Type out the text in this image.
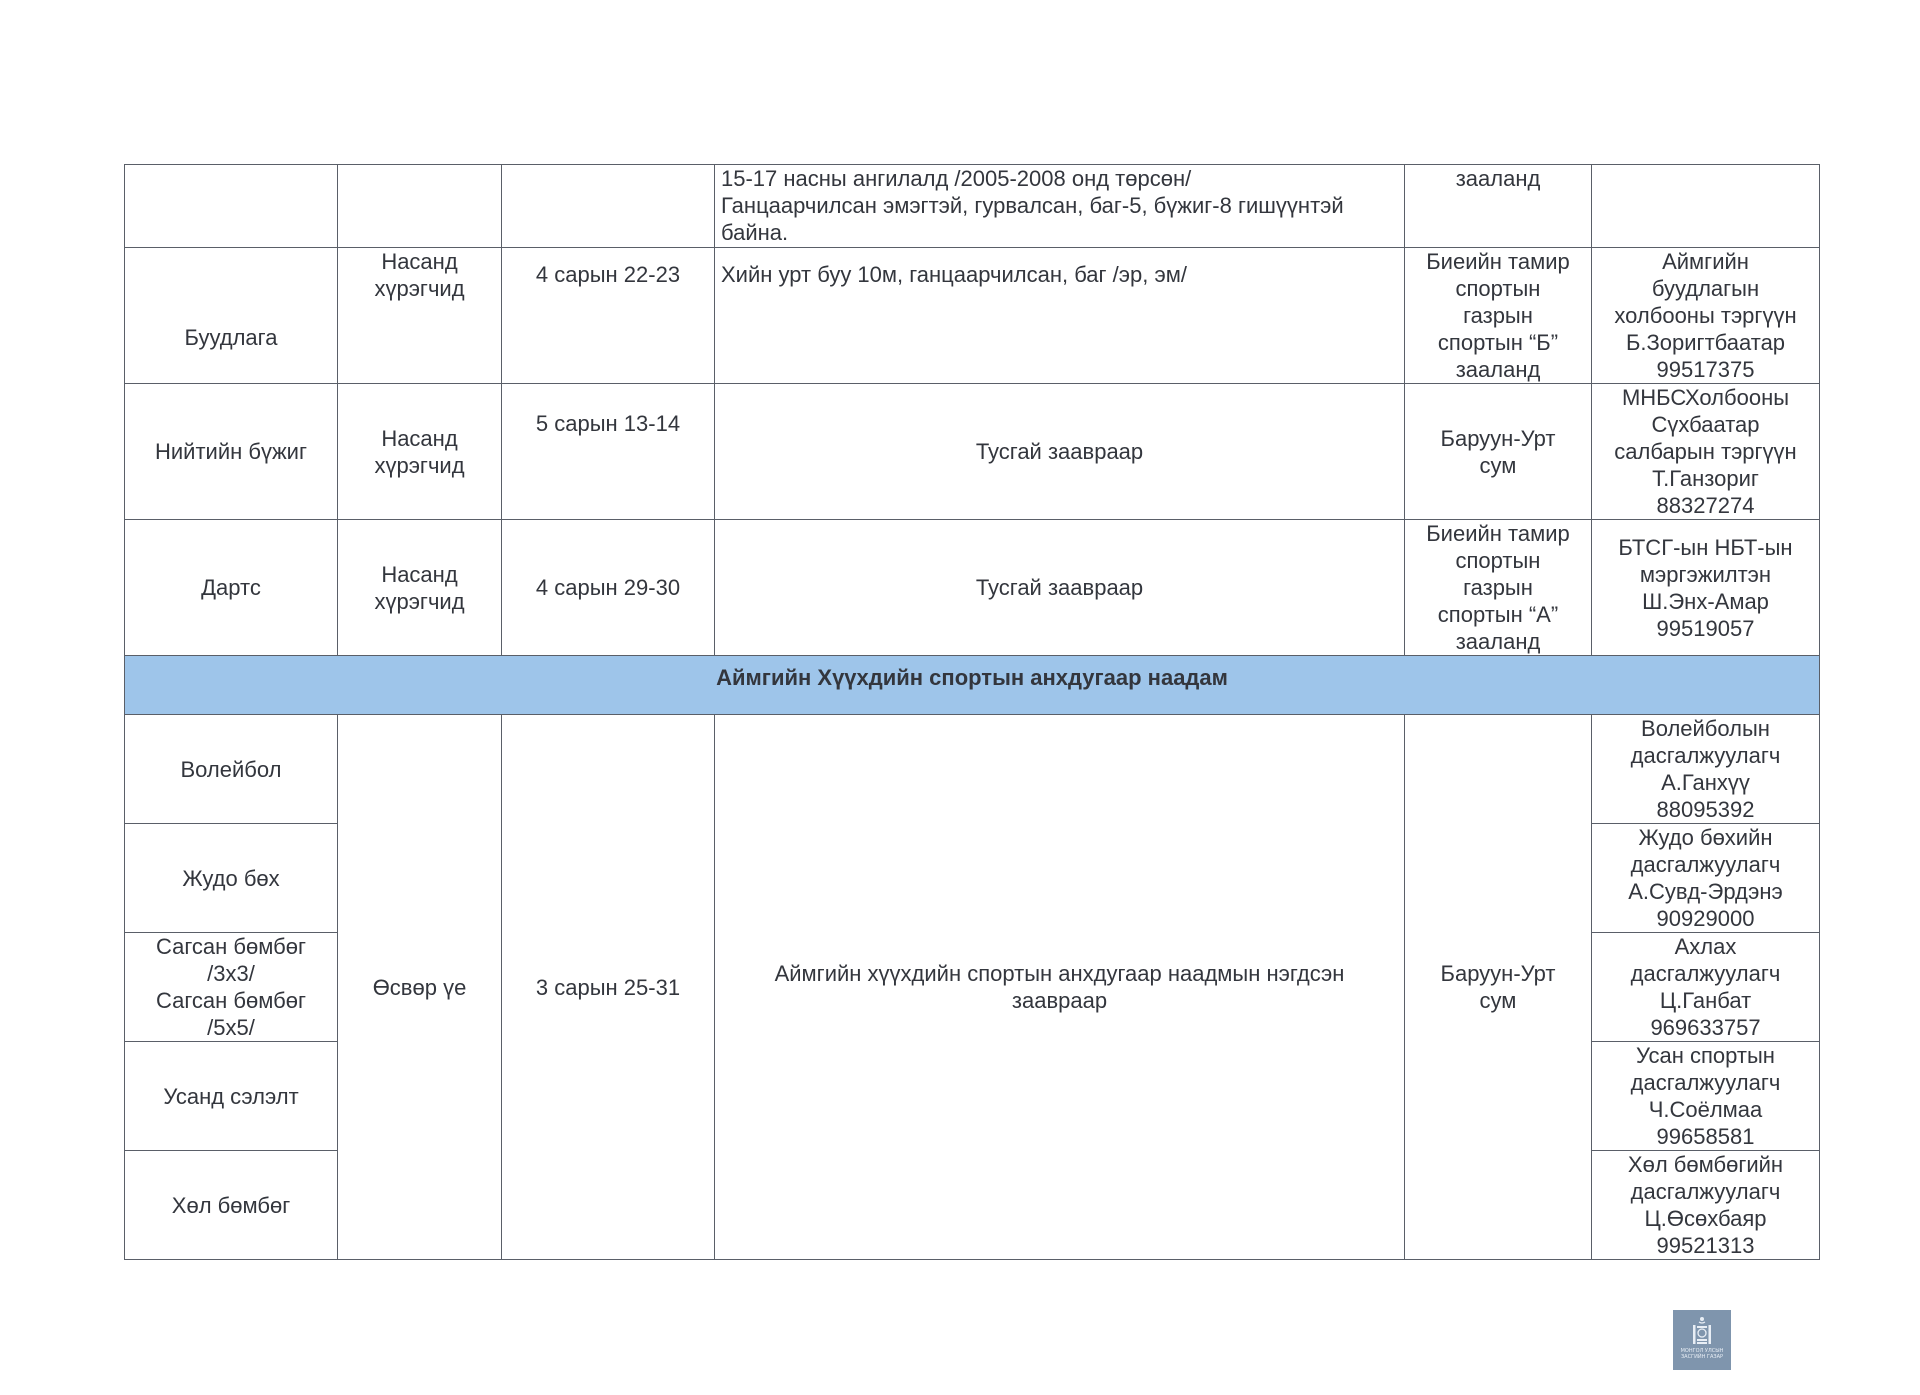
			15-17 насны ангилалд /2005-2008 онд төрсөн/
Ганцаарчилсан эмэгтэй, гурвалсан, баг-5, бүжиг-8 гишүүнтэй
байна.	зааланд	

Буудлага	Насанд
хүрэгчид	4 сарын 22-23	Хийн урт буу 10м, ганцаарчилсан, баг /эр, эм/	Биеийн тамир
спортын
газрын
спортын “Б”
зааланд	Аймгийн
буудлагын
холбооны тэргүүн
Б.Зоригтбаатар
99517375

Нийтийн бүжиг	Насанд
хүрэгчид	5 сарын 13-14	Тусгай зааврaар	Баруун-Урт
сум	МНБСХолбооны
Сүхбаатар
салбарын тэргүүн
Т.Ганзориг
88327274

Дартс	Насанд
хүрэгчид	4 сарын 29-30	Тусгай зааврaар	Биеийн тамир
спортын
газрын
спортын “А”
зааланд	БТСГ-ын НБТ-ын
мэргэжилтэн
Ш.Энх-Амар
99519057

Аймгийн Хүүхдийн спортын анхдугаар наадам					

Волейбол	Өсвөр үе	3 сарын 25-31	Аймгийн хүүхдийн спортын анхдугаар наадмын нэгдсэн
зааврaар	Баруун-Урт
сум	Волейболын
дасгалжуулагч
А.Ганхүү
88095392

Жудо бөх					Жудо бөхийн
дасгалжуулагч
А.Сувд-Эрдэнэ
90929000

Сагсан бөмбөг
/3х3/
Сагсан бөмбөг
/5х5/					Ахлах
дасгалжуулагч
Ц.Ганбат
969633757

Усанд сэлэлт					Усан спортын
дасгалжуулагч
Ч.Соёлмаа
99658581

Хөл бөмбөг					Хөл бөмбөгийн
дасгалжуулагч
Ц.Өсөхбаяр
99521313
МОНГОЛ УЛСЫН
ЗАСГИЙН ГАЗАР
